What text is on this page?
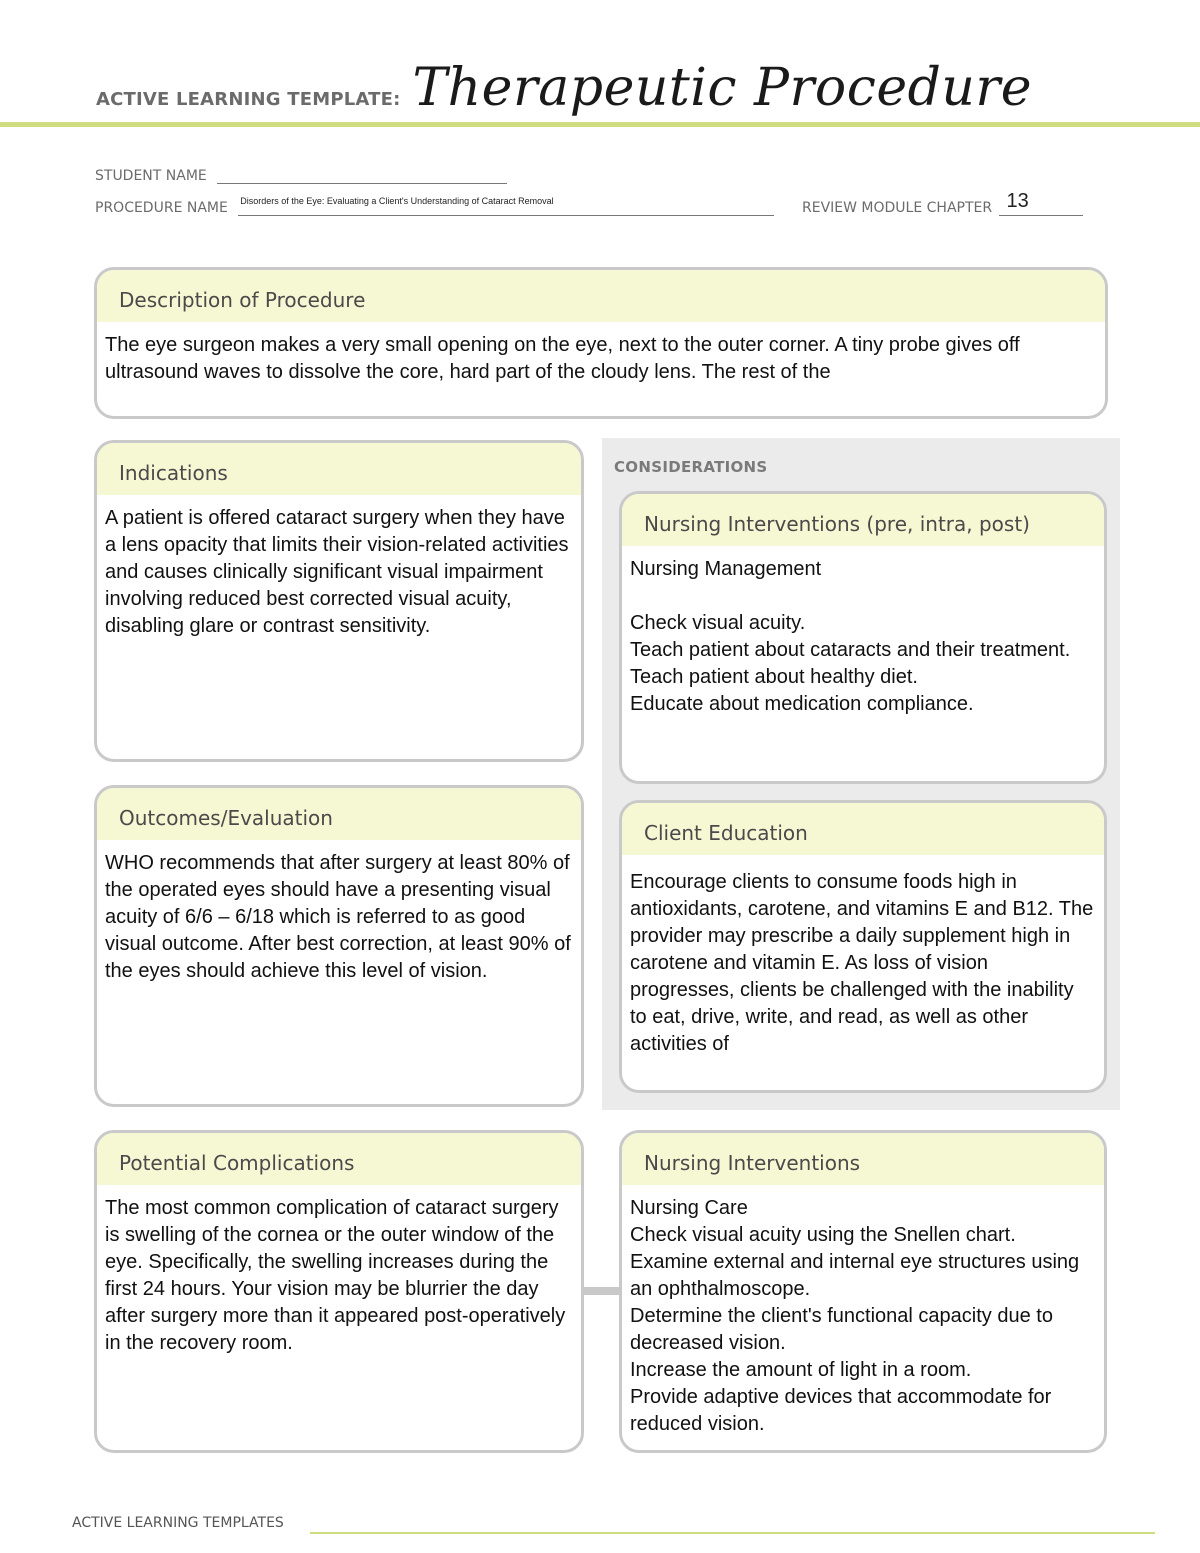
ACTIVE LEARNING TEMPLATE: Therapeutic Procedure
STUDENT NAME
PROCEDURE NAME Disorders of the Eye: Evaluating a Client's Understanding of Cataract Removal	REVIEW MODULE CHAPTER 13
Description of Procedure
The eye surgeon makes a very small opening on the eye, next to the outer corner. A tiny probe gives off ultrasound waves to dissolve the core, hard part of the cloudy lens. The rest of the
Indications
A patient is offered cataract surgery when they have a lens opacity that limits their vision-related activities and causes clinically significant visual impairment involving reduced best corrected visual acuity, disabling glare or contrast sensitivity.
CONSIDERATIONS
Nursing Interventions (pre, intra, post)
Nursing Management

Check visual acuity.
Teach patient about cataracts and their treatment.
Teach patient about healthy diet.
Educate about medication compliance.
Client Education
Encourage clients to consume foods high in antioxidants, carotene, and vitamins E and B12. The provider may prescribe a daily supplement high in carotene and vitamin E. As loss of vision progresses, clients be challenged with the inability to eat, drive, write, and read, as well as other activities of
Outcomes/Evaluation
WHO recommends that after surgery at least 80% of the operated eyes should have a presenting visual acuity of 6/6 – 6/18 which is referred to as good visual outcome. After best correction, at least 90% of the eyes should achieve this level of vision.
Potential Complications
The most common complication of cataract surgery is swelling of the cornea or the outer window of the eye. Specifically, the swelling increases during the first 24 hours. Your vision may be blurrier the day after surgery more than it appeared post-operatively in the recovery room.
Nursing Interventions
Nursing Care
Check visual acuity using the Snellen chart.
Examine external and internal eye structures using an ophthalmoscope.
Determine the client's functional capacity due to decreased vision.
Increase the amount of light in a room.
Provide adaptive devices that accommodate for reduced vision.
ACTIVE LEARNING TEMPLATES
